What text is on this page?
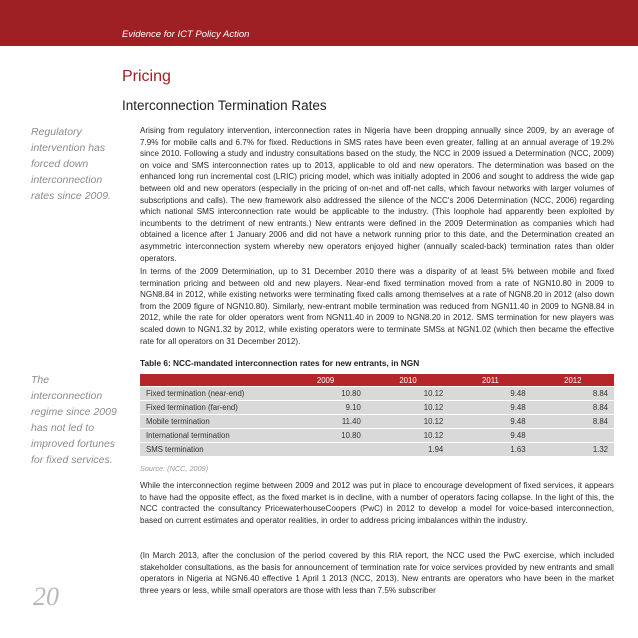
Evidence for ICT Policy Action
Pricing
Interconnection Termination Rates
Regulatory intervention has forced down interconnection rates since 2009.
The interconnection regime since 2009 has not led to improved fortunes for fixed services.

Arising from regulatory intervention, interconnection rates in Nigeria have been dropping annually since 2009, by an average of 7.9% for mobile calls and 6.7% for fixed. Reductions in SMS rates have been even greater, falling at an annual average of 19.2% since 2010. Following a study and industry consultations based on the study, the NCC in 2009 issued a Determination (NCC, 2009) on voice and SMS interconnection rates up to 2013, applicable to old and new operators. The determination was based on the enhanced long run incremental cost (LRIC) pricing model, which was initially adopted in 2006 and sought to address the wide gap between old and new operators (especially in the pricing of on-net and off-net calls, which favour networks with larger volumes of subscriptions and calls). The new framework also addressed the silence of the NCC's 2006 Determination (NCC, 2006) regarding which national SMS interconnection rate would be applicable to the industry. (This loophole had apparently been exploited by incumbents to the detriment of new entrants.) New entrants were defined in the 2009 Determination as companies which had obtained a licence after 1 January 2006 and did not have a network running prior to this date, and the Determination created an asymmetric interconnection system whereby new operators enjoyed higher (annually scaled-back) termination rates than older operators.

In terms of the 2009 Determination, up to 31 December 2010 there was a disparity of at least 5% between mobile and fixed termination pricing and between old and new players. Near-end fixed termination moved from a rate of NGN10.80 in 2009 to NGN8.84 in 2012, while existing networks were terminating fixed calls among themselves at a rate of NGN8.20 in 2012 (also down from the 2009 figure of NGN10.80). Similarly, new-entrant mobile termination was reduced from NGN11.40 in 2009 to NGN8.84 in 2012, while the rate for older operators went from NGN11.40 in 2009 to NGN8.20 in 2012. SMS termination for new players was scaled down to NGN1.32 by 2012, while existing operators were to terminate SMSs at NGN1.02 (which then became the effective rate for all operators on 31 December 2012).

Table 6: NCC-mandated interconnection rates for new entrants, in NGN
	2009	2010	2011	2012
Fixed termination (near-end)	10.80	10.12	9.48	8.84
Fixed termination (far-end)	9.10	10.12	9.48	8.84
Mobile termination	11.40	10.12	9.48	8.84
International termination	10.80	10.12	9.48	
SMS termination		1.94	1.63	1.32
Source: (NCC, 2009)

While the interconnection regime between 2009 and 2012 was put in place to encourage development of fixed services, it appears to have had the opposite effect, as the fixed market is in decline, with a number of operators facing collapse. In the light of this, the NCC contracted the consultancy PricewaterhouseCoopers (PwC) in 2012 to develop a model for voice-based interconnection, based on current estimates and operator realities, in order to address pricing imbalances within the industry.

(In March 2013, after the conclusion of the period covered by this RIA report, the NCC used the PwC exercise, which included stakeholder consultations, as the basis for announcement of termination rate for voice services provided by new entrants and small operators in Nigeria at NGN6.40 effective 1 April 1 2013 (NCC, 2013). New entrants are operators who have been in the market three years or less, while small operators are those with less than 7.5% subscriber

20
